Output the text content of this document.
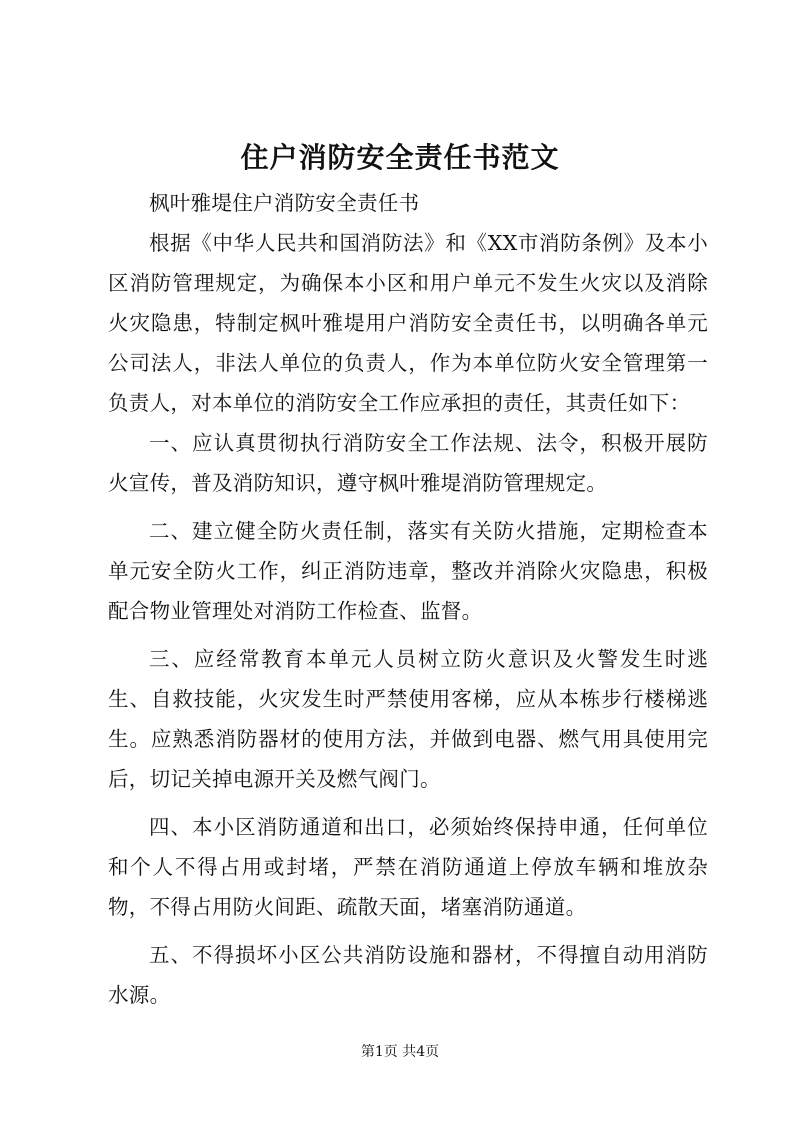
住户消防安全责任书范文

枫叶雅堤住户消防安全责任书

根据《中华人民共和国消防法》和《XX市消防条例》及本小区消防管理规定，为确保本小区和用户单元不发生火灾以及消除火灾隐患，特制定枫叶雅堤用户消防安全责任书，以明确各单元公司法人，非法人单位的负责人，作为本单位防火安全管理第一负责人，对本单位的消防安全工作应承担的责任，其责任如下：

一、应认真贯彻执行消防安全工作法规、法令，积极开展防火宣传，普及消防知识，遵守枫叶雅堤消防管理规定。

二、建立健全防火责任制，落实有关防火措施，定期检查本单元安全防火工作，纠正消防违章，整改并消除火灾隐患，积极配合物业管理处对消防工作检查、监督。

三、应经常教育本单元人员树立防火意识及火警发生时逃生、自救技能，火灾发生时严禁使用客梯，应从本栋步行楼梯逃生。应熟悉消防器材的使用方法，并做到电器、燃气用具使用完后，切记关掉电源开关及燃气阀门。

四、本小区消防通道和出口，必须始终保持申通，任何单位和个人不得占用或封堵，严禁在消防通道上停放车辆和堆放杂物，不得占用防火间距、疏散天面，堵塞消防通道。

五、不得损坏小区公共消防设施和器材，不得擅自动用消防水源。

第1页 共4页
